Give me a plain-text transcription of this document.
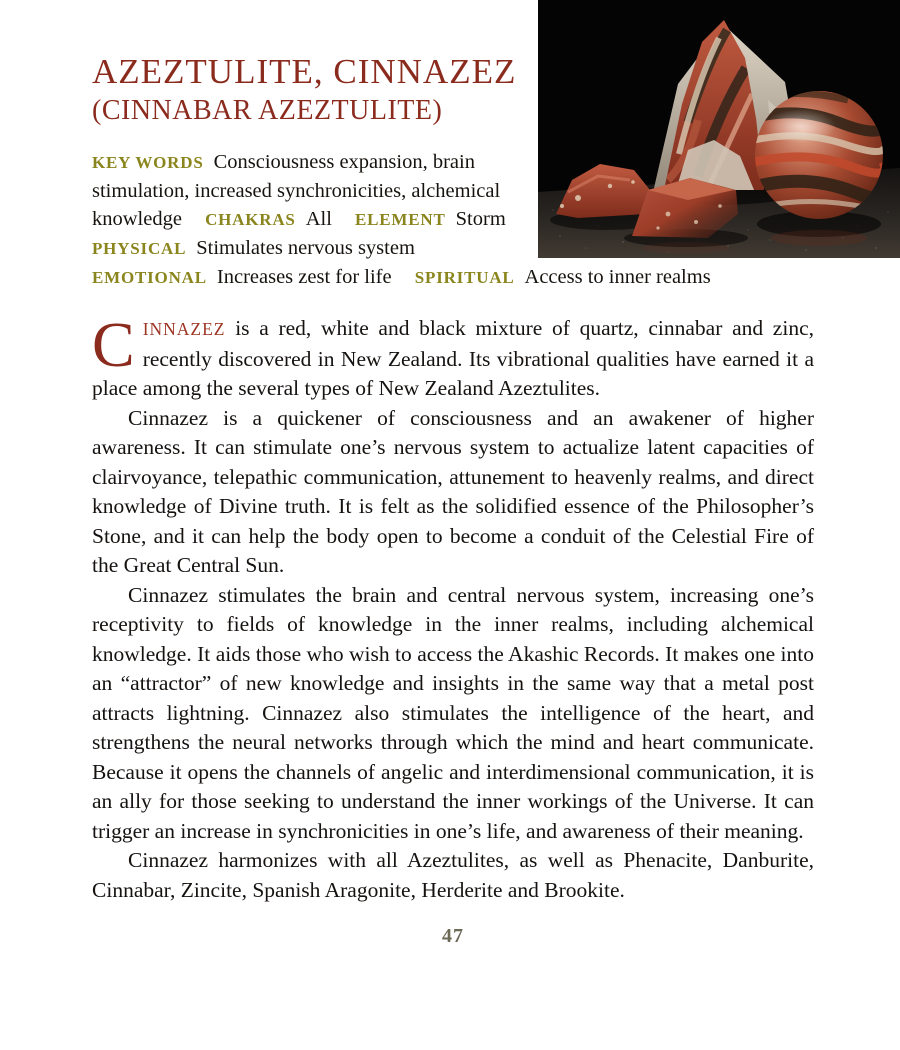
AZEZTULITE, CINNAZEZ
(CINNABAR AZEZTULITE)

KEY WORDS Consciousness expansion, brain stimulation, increased synchronicities, alchemical knowledge CHAKRAS All ELEMENT Storm PHYSICAL Stimulates nervous system EMOTIONAL Increases zest for life SPIRITUAL Access to inner realms

CINNAZEZ is a red, white and black mixture of quartz, cinnabar and zinc, recently discovered in New Zealand. Its vibrational qualities have earned it a place among the several types of New Zealand Azeztulites.

Cinnazez is a quickener of consciousness and an awakener of higher awareness. It can stimulate one’s nervous system to actualize latent capacities of clairvoyance, telepathic communication, attunement to heavenly realms, and direct knowledge of Divine truth. It is felt as the solidified essence of the Philosopher’s Stone, and it can help the body open to become a conduit of the Celestial Fire of the Great Central Sun.

Cinnazez stimulates the brain and central nervous system, increasing one’s receptivity to fields of knowledge in the inner realms, including alchemical knowledge. It aids those who wish to access the Akashic Records. It makes one into an “attractor” of new knowledge and insights in the same way that a metal post attracts lightning. Cinnazez also stimulates the intelligence of the heart, and strengthens the neural networks through which the mind and heart communicate. Because it opens the channels of angelic and interdimensional communication, it is an ally for those seeking to understand the inner workings of the Universe. It can trigger an increase in synchronicities in one’s life, and awareness of their meaning.

Cinnazez harmonizes with all Azeztulites, as well as Phenacite, Danburite, Cinnabar, Zincite, Spanish Aragonite, Herderite and Brookite.

47
